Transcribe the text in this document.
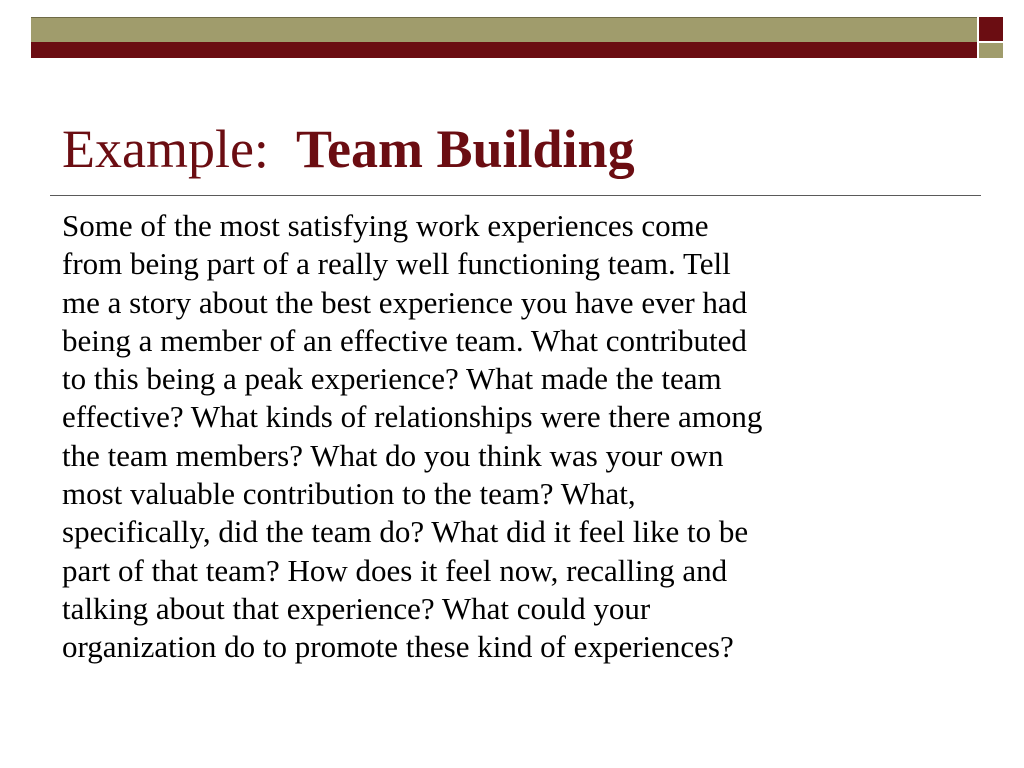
Example: Team Building

Some of the most satisfying work experiences come
from being part of a really well functioning team. Tell
me a story about the best experience you have ever had
being a member of an effective team. What contributed
to this being a peak experience? What made the team
effective? What kinds of relationships were there among
the team members? What do you think was your own
most valuable contribution to the team? What,
specifically, did the team do? What did it feel like to be
part of that team? How does it feel now, recalling and
talking about that experience? What could your
organization do to promote these kind of experiences?
